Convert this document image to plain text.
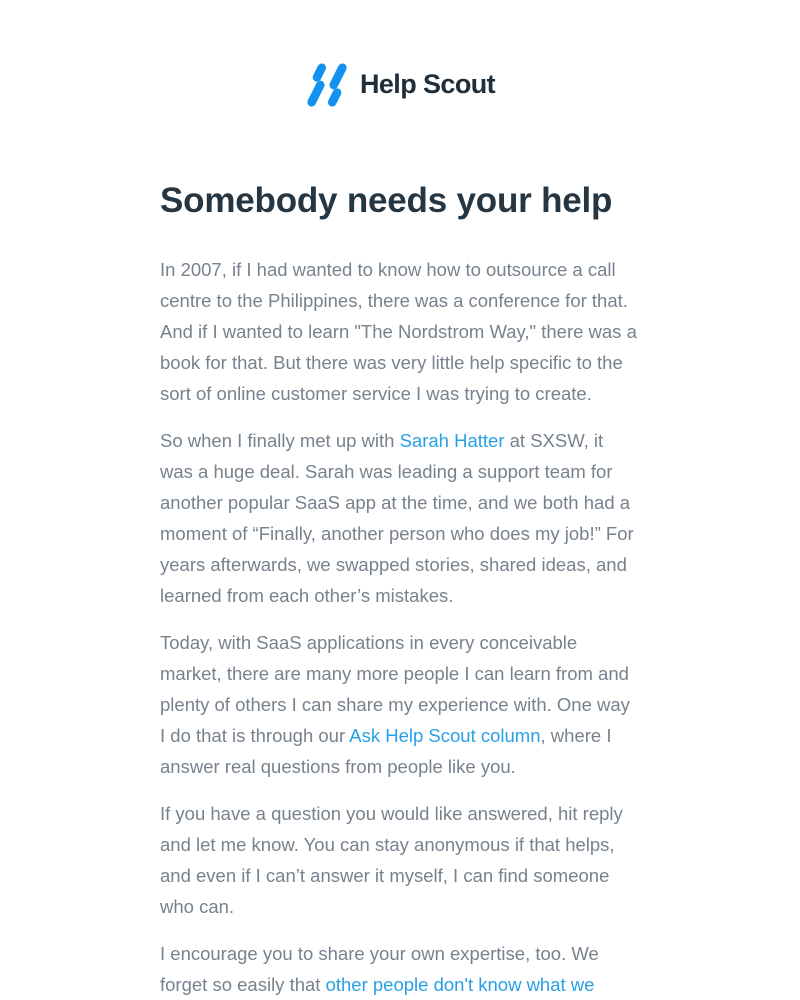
Help Scout
Somebody needs your help

In 2007, if I had wanted to know how to outsource a call centre to the Philippines, there was a conference for that. And if I wanted to learn "The Nordstrom Way," there was a book for that. But there was very little help specific to the sort of online customer service I was trying to create.

So when I finally met up with Sarah Hatter at SXSW, it was a huge deal. Sarah was leading a support team for another popular SaaS app at the time, and we both had a moment of “Finally, another person who does my job!” For years afterwards, we swapped stories, shared ideas, and learned from each other’s mistakes.

Today, with SaaS applications in every conceivable market, there are many more people I can learn from and plenty of others I can share my experience with. One way I do that is through our Ask Help Scout column, where I answer real questions from people like you.

If you have a question you would like answered, hit reply and let me know. You can stay anonymous if that helps, and even if I can’t answer it myself, I can find someone who can.

I encourage you to share your own expertise, too. We forget so easily that other people don't know what we
